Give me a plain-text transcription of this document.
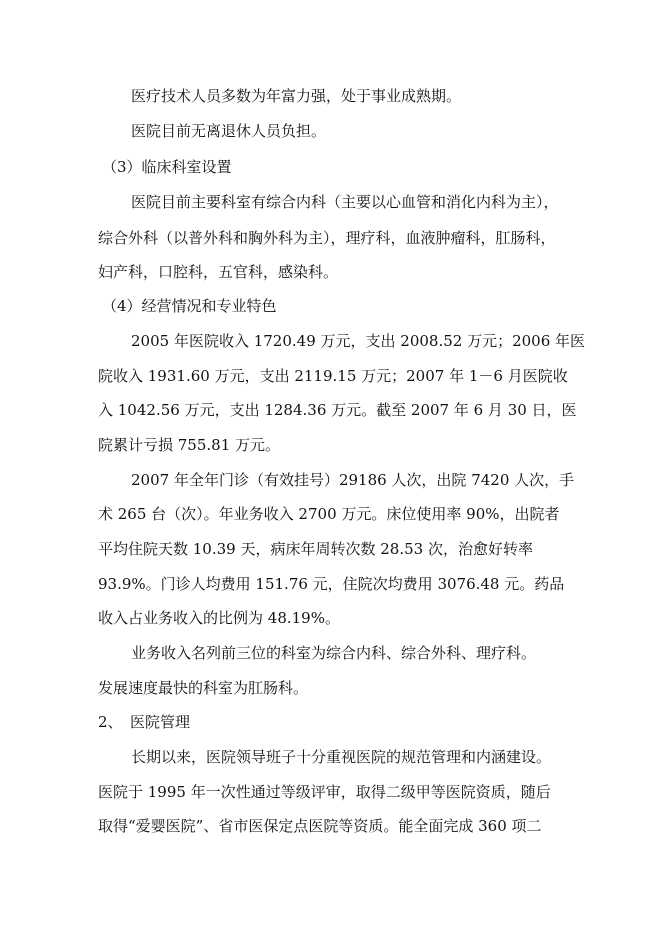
医疗技术人员多数为年富力强，处于事业成熟期。
医院目前无离退休人员负担。
（3）临床科室设置
医院目前主要科室有综合内科（主要以心血管和消化内科为主），
综合外科（以普外科和胸外科为主），理疗科，血液肿瘤科，肛肠科，
妇产科，口腔科，五官科，感染科。
（4）经营情况和专业特色
2005 年医院收入 1720.49 万元，支出 2008.52 万元；2006 年医
院收入 1931.60 万元，支出 2119.15 万元；2007 年 1－6 月医院收
入 1042.56 万元，支出 1284.36 万元。截至 2007 年 6 月 30 日，医
院累计亏损 755.81 万元。
2007 年全年门诊（有效挂号）29186 人次，出院 7420 人次，手
术 265 台（次）。年业务收入 2700 万元。床位使用率 90%，出院者
平均住院天数 10.39 天，病床年周转次数 28.53 次，治愈好转率
93.9%。门诊人均费用 151.76 元，住院次均费用 3076.48 元。药品
收入占业务收入的比例为 48.19%。
业务收入名列前三位的科室为综合内科、综合外科、理疗科。
发展速度最快的科室为肛肠科。
2、　医院管理
长期以来，医院领导班子十分重视医院的规范管理和内涵建设。
医院于 1995 年一次性通过等级评审，取得二级甲等医院资质，随后
取得“爱婴医院”、省市医保定点医院等资质。能全面完成 360 项二
